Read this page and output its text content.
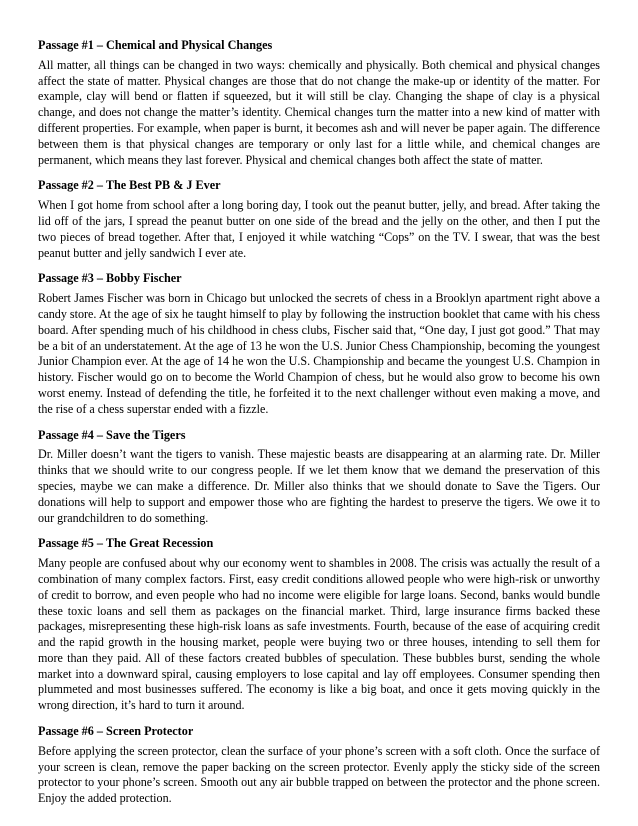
Passage #1 – Chemical and Physical Changes

All matter, all things can be changed in two ways: chemically and physically. Both chemical and physical changes affect the state of matter. Physical changes are those that do not change the make-up or identity of the matter. For example, clay will bend or flatten if squeezed, but it will still be clay. Changing the shape of clay is a physical change, and does not change the matter’s identity. Chemical changes turn the matter into a new kind of matter with different properties. For example, when paper is burnt, it becomes ash and will never be paper again. The difference between them is that physical changes are temporary or only last for a little while, and chemical changes are permanent, which means they last forever. Physical and chemical changes both affect the state of matter.

Passage #2 – The Best PB & J Ever

When I got home from school after a long boring day, I took out the peanut butter, jelly, and bread. After taking the lid off of the jars, I spread the peanut butter on one side of the bread and the jelly on the other, and then I put the two pieces of bread together. After that, I enjoyed it while watching “Cops” on the TV. I swear, that was the best peanut butter and jelly sandwich I ever ate.

Passage #3 – Bobby Fischer

Robert James Fischer was born in Chicago but unlocked the secrets of chess in a Brooklyn apartment right above a candy store. At the age of six he taught himself to play by following the instruction booklet that came with his chess board. After spending much of his childhood in chess clubs, Fischer said that, “One day, I just got good.” That may be a bit of an understatement. At the age of 13 he won the U.S. Junior Chess Championship, becoming the youngest Junior Champion ever. At the age of 14 he won the U.S. Championship and became the youngest U.S. Champion in history. Fischer would go on to become the World Champion of chess, but he would also grow to become his own worst enemy. Instead of defending the title, he forfeited it to the next challenger without even making a move, and the rise of a chess superstar ended with a fizzle.

Passage #4 – Save the Tigers

Dr. Miller doesn’t want the tigers to vanish. These majestic beasts are disappearing at an alarming rate. Dr. Miller thinks that we should write to our congress people. If we let them know that we demand the preservation of this species, maybe we can make a difference. Dr. Miller also thinks that we should donate to Save the Tigers. Our donations will help to support and empower those who are fighting the hardest to preserve the tigers. We owe it to our grandchildren to do something.

Passage #5 – The Great Recession

Many people are confused about why our economy went to shambles in 2008. The crisis was actually the result of a combination of many complex factors. First, easy credit conditions allowed people who were high-risk or unworthy of credit to borrow, and even people who had no income were eligible for large loans. Second, banks would bundle these toxic loans and sell them as packages on the financial market. Third, large insurance firms backed these packages, misrepresenting these high-risk loans as safe investments. Fourth, because of the ease of acquiring credit and the rapid growth in the housing market, people were buying two or three houses, intending to sell them for more than they paid. All of these factors created bubbles of speculation. These bubbles burst, sending the whole market into a downward spiral, causing employers to lose capital and lay off employees. Consumer spending then plummeted and most businesses suffered. The economy is like a big boat, and once it gets moving quickly in the wrong direction, it’s hard to turn it around.

Passage #6 – Screen Protector

Before applying the screen protector, clean the surface of your phone’s screen with a soft cloth. Once the surface of your screen is clean, remove the paper backing on the screen protector. Evenly apply the sticky side of the screen protector to your phone’s screen. Smooth out any air bubble trapped on between the protector and the phone screen. Enjoy the added protection.
